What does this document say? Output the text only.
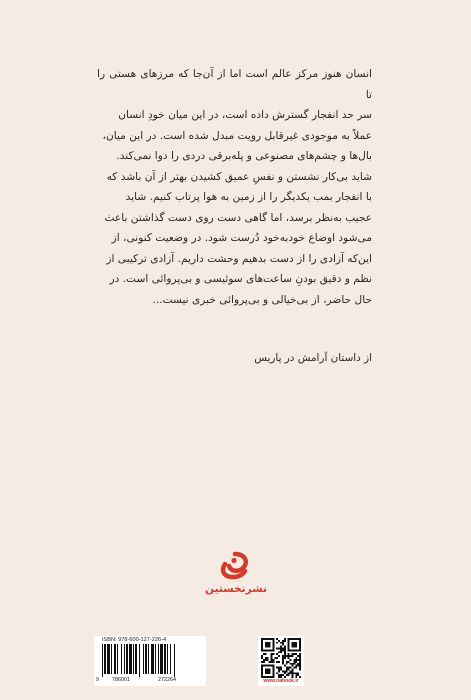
انسان هنوز مرکز عالم است اما از آن‌جا که مرزهای هستی را تا

سر حد انفجار گسترش داده است، در این میان خودِ انسان

عملاً به موجودی غیرقابل رویت مبدل شده است. در این میان،

بال‌ها و چشم‌های مصنوعی و پله‌برقی دردی را دوا نمی‌کند.

شاید بی‌کار نشستن و نفسِ عمیق کشیدن بهتر از آن باشد که

با انفجار بمب یکدیگر را از زمین به هوا پرتاب کنیم. شاید

عجیب به‌نظر برسد، اما گاهی دست روی دست گذاشتن باعث

می‌شود اوضاع خودبه‌خود دُرست شود. در وضعیت کنونی، از

این‌که آزادی را از دست بدهیم وحشت داریم. آزادی ترکیبی از

نظم و دقیق بودنِ ساعت‌های سوئیسی و بی‌پروائی است. در

حال حاضر، از بی‌خیالی و بی‌پروائی خبری نیست...

از داستان آرامش در پاریس
نشرنخستین
ISBN: 978-600-127-226-4
9 786001	272264	www.nabook.ir
